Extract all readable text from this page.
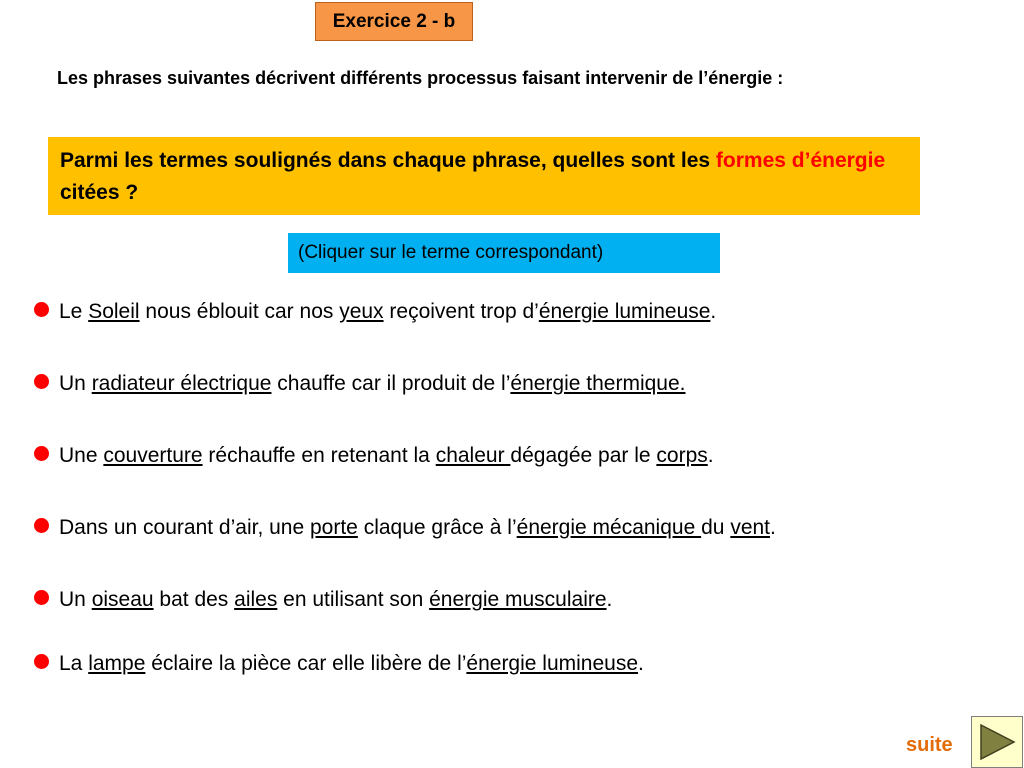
Exercice 2 - b
Les phrases suivantes décrivent différents processus faisant intervenir de l’énergie :
Parmi les termes soulignés dans chaque phrase, quelles sont les formes d’énergie citées ?
(Cliquer sur le terme correspondant)
Le Soleil nous éblouit car nos yeux reçoivent trop d’énergie lumineuse.
Un radiateur électrique chauffe car il produit de l’énergie thermique.
Une couverture réchauffe en retenant la chaleur dégagée par le corps.
Dans un courant d’air, une porte claque grâce à l’énergie mécanique du vent.
Un oiseau bat des ailes en utilisant son énergie musculaire.
La lampe éclaire la pièce car elle libère de l’énergie lumineuse.
suite
